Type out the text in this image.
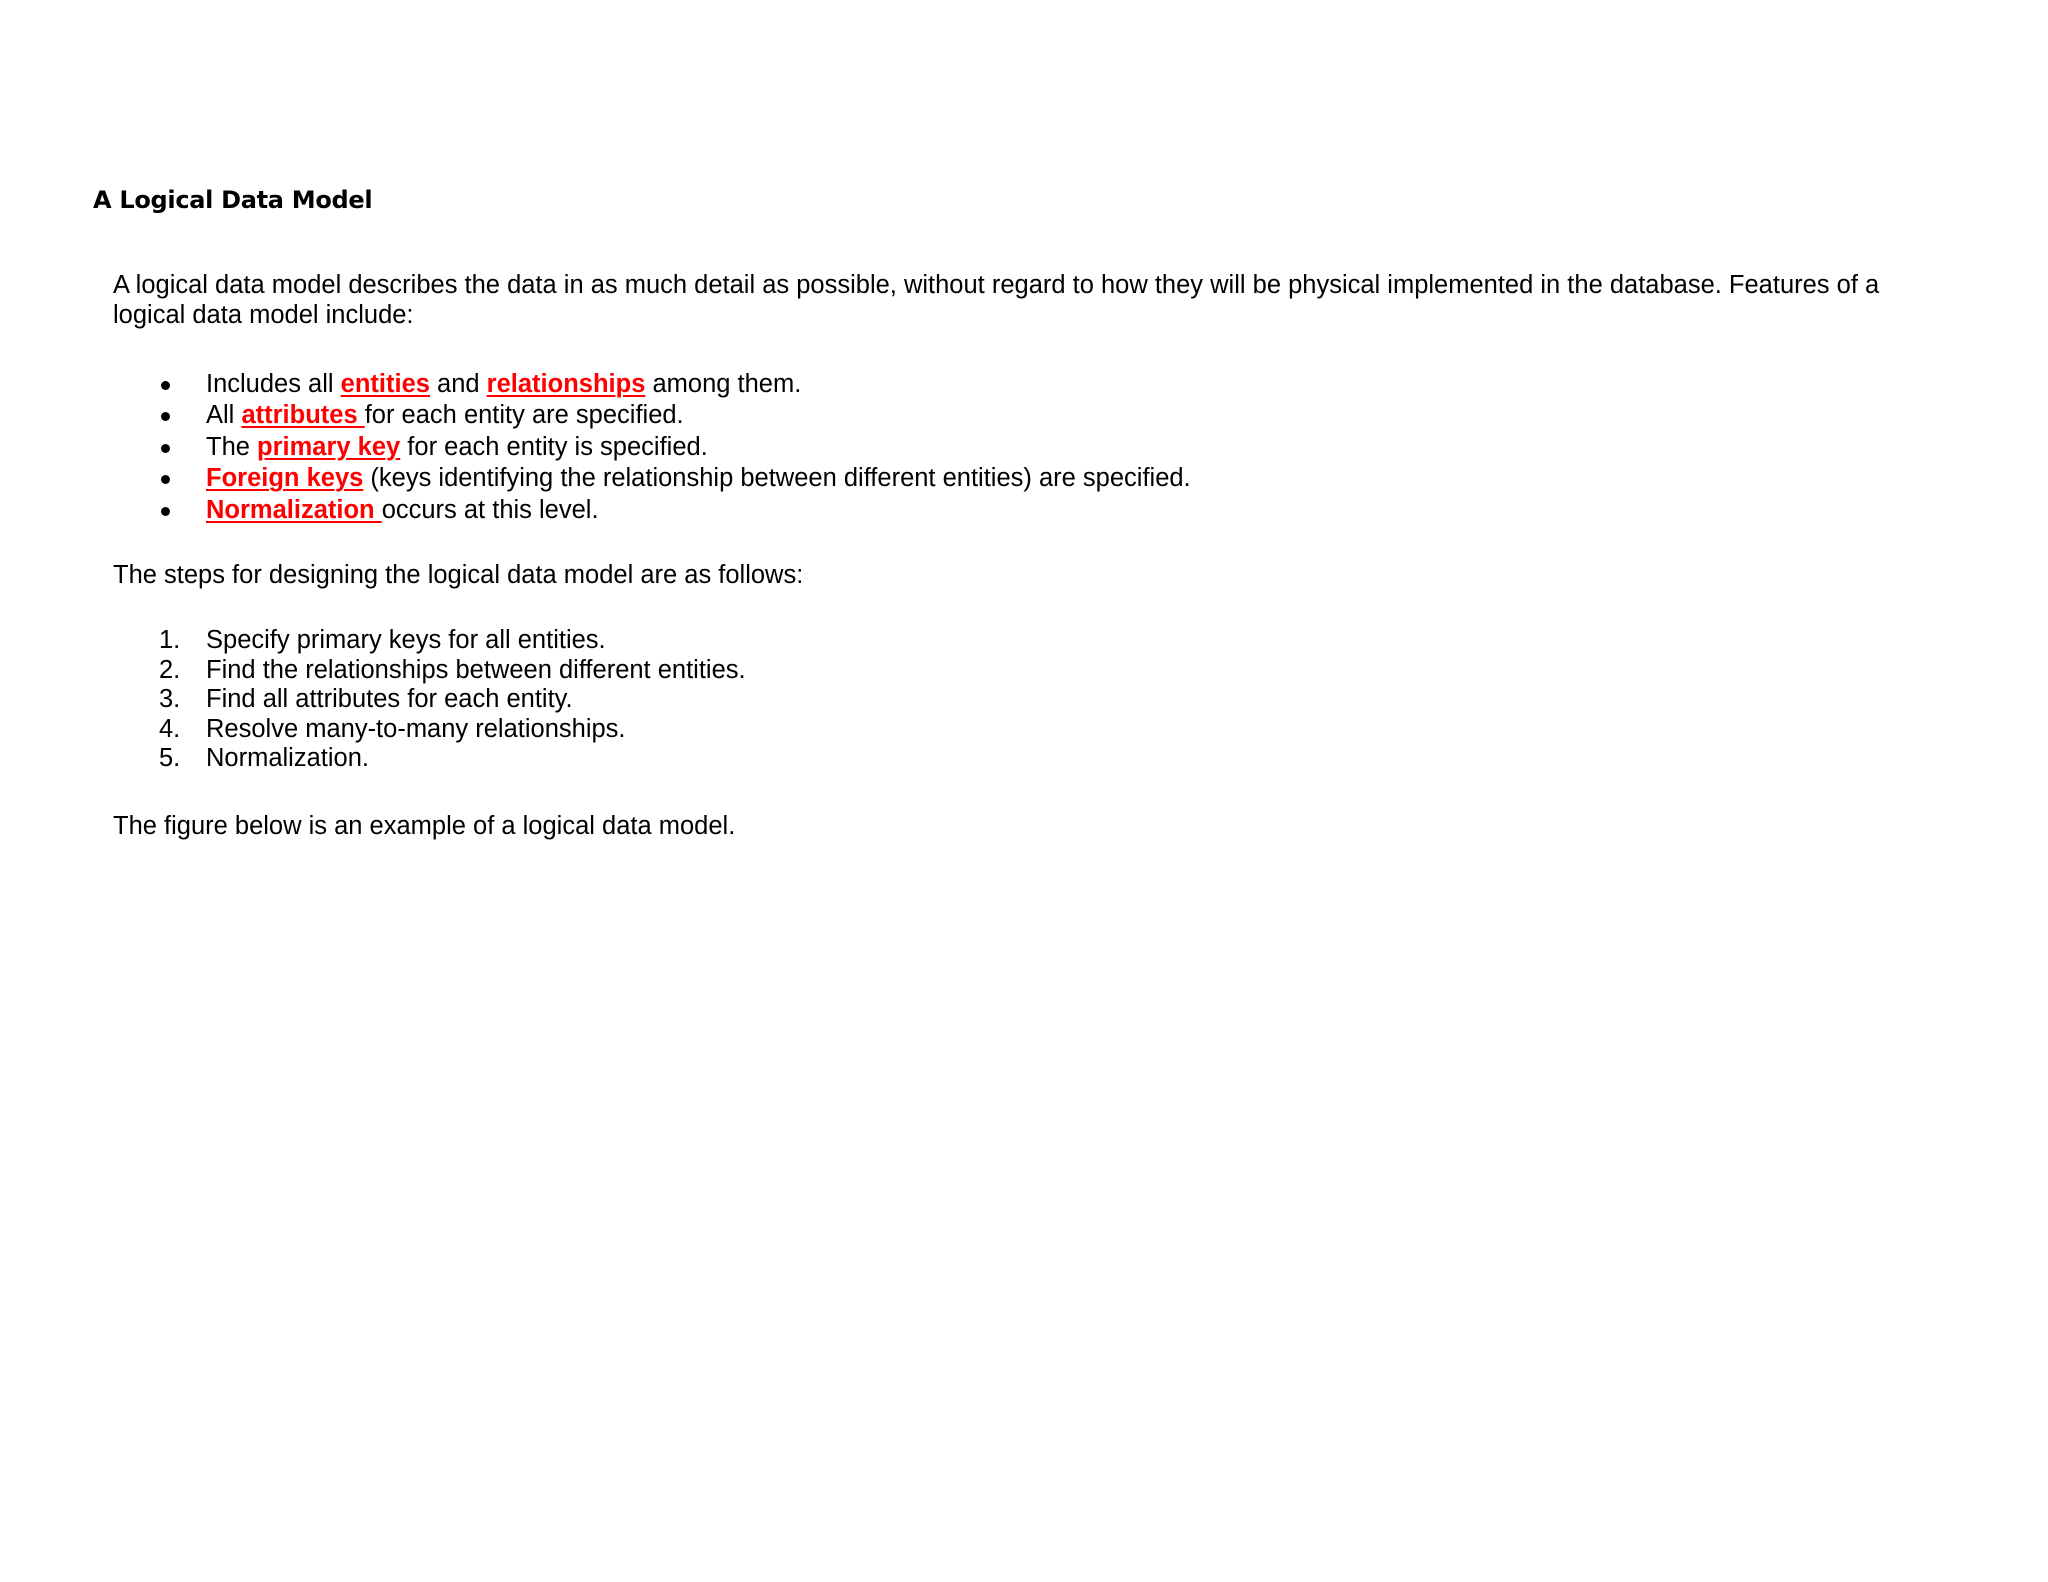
A Logical Data Model

A logical data model describes the data in as much detail as possible, without regard to how they will be physical implemented in the database. Features of a logical data model include:

Includes all entities and relationships among them.
All attributes for each entity are specified.
The primary key for each entity is specified.
Foreign keys (keys identifying the relationship between different entities) are specified.
Normalization occurs at this level.

The steps for designing the logical data model are as follows:

1. Specify primary keys for all entities.
2. Find the relationships between different entities.
3. Find all attributes for each entity.
4. Resolve many-to-many relationships.
5. Normalization.

The figure below is an example of a logical data model.
